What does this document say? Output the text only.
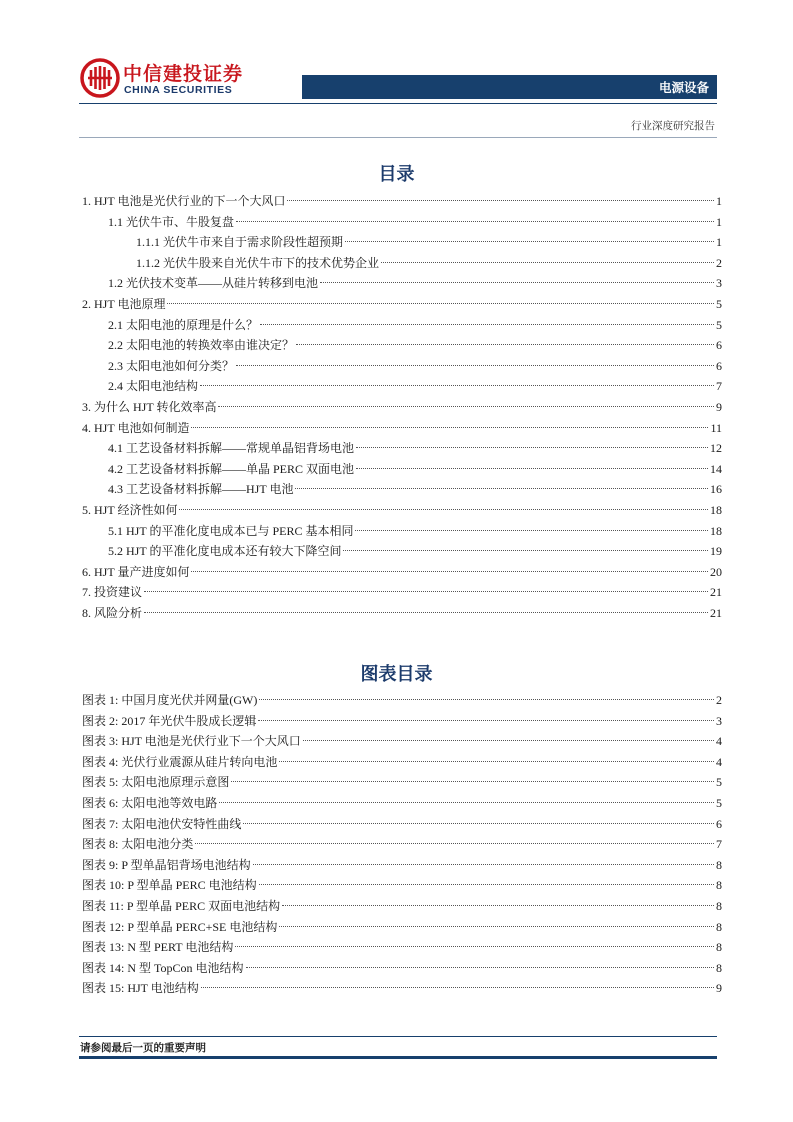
中信建投证券
CHINA SECURITIES	电源设备
行业深度研究报告
目录
1. HJT 电池是光伏行业的下一个大风口	1
1.1 光伏牛市、牛股复盘	1
1.1.1 光伏牛市来自于需求阶段性超预期	1
1.1.2 光伏牛股来自光伏牛市下的技术优势企业	2
1.2 光伏技术变革——从硅片转移到电池	3
2. HJT 电池原理	5
2.1 太阳电池的原理是什么？	5
2.2 太阳电池的转换效率由谁决定？	6
2.3 太阳电池如何分类？	6
2.4 太阳电池结构	7
3. 为什么 HJT 转化效率高	9
4. HJT 电池如何制造	11
4.1 工艺设备材料拆解——常规单晶铝背场电池	12
4.2 工艺设备材料拆解——单晶 PERC 双面电池	14
4.3 工艺设备材料拆解——HJT 电池	16
5. HJT 经济性如何	18
5.1 HJT 的平准化度电成本已与 PERC 基本相同	18
5.2 HJT 的平准化度电成本还有较大下降空间	19
6. HJT 量产进度如何	20
7. 投资建议	21
8. 风险分析	21
图表目录
图表 1: 中国月度光伏并网量(GW)	2
图表 2: 2017 年光伏牛股成长逻辑	3
图表 3: HJT 电池是光伏行业下一个大风口	4
图表 4: 光伏行业震源从硅片转向电池	4
图表 5: 太阳电池原理示意图	5
图表 6: 太阳电池等效电路	5
图表 7: 太阳电池伏安特性曲线	6
图表 8: 太阳电池分类	7
图表 9: P 型单晶铝背场电池结构	8
图表 10: P 型单晶 PERC 电池结构	8
图表 11: P 型单晶 PERC 双面电池结构	8
图表 12: P 型单晶 PERC+SE 电池结构	8
图表 13: N 型 PERT 电池结构	8
图表 14: N 型 TopCon 电池结构	8
图表 15: HJT 电池结构	9
请参阅最后一页的重要声明
